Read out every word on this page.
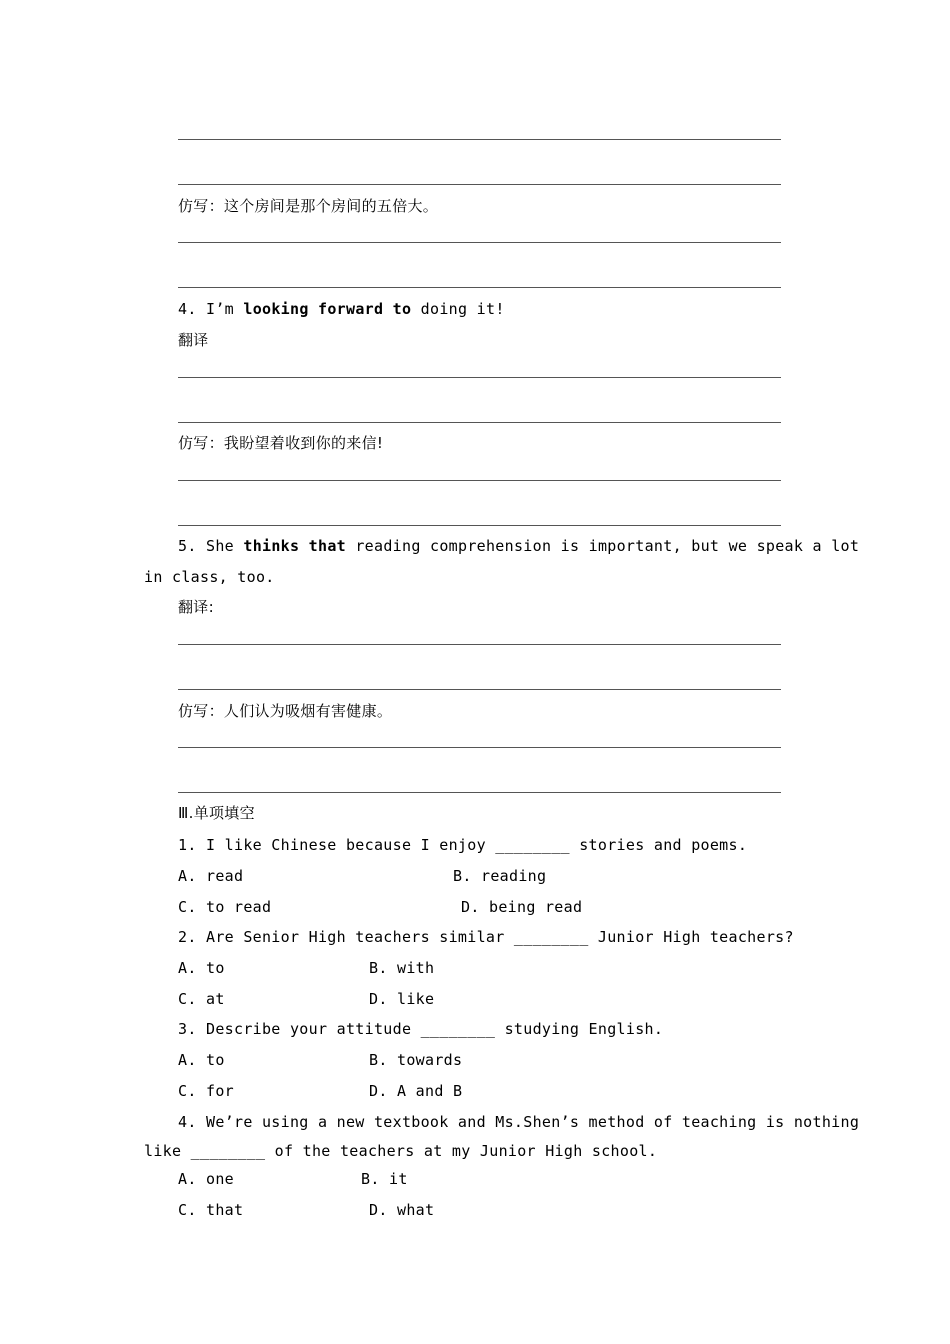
仿写：这个房间是那个房间的五倍大。
4. I’m looking forward to doing it!
翻译
仿写：我盼望着收到你的来信!
5. She thinks that reading comprehension is important, but we speak a lot
in class, too.
翻译:
仿写：人们认为吸烟有害健康。
Ⅲ.单项填空
1. I like Chinese because I enjoy ________ stories and poems.
A. read	B. reading
C. to read	D. being read
2. Are Senior High teachers similar ________ Junior High teachers?
A. to	B. with
C. at	D. like
3. Describe your attitude ________ studying English.
A. to	B. towards
C. for	D. A and B
4. We’re using a new textbook and Ms.Shen’s method of teaching is nothing
like ________ of the teachers at my Junior High school.
A. one	B. it
C. that	D. what
